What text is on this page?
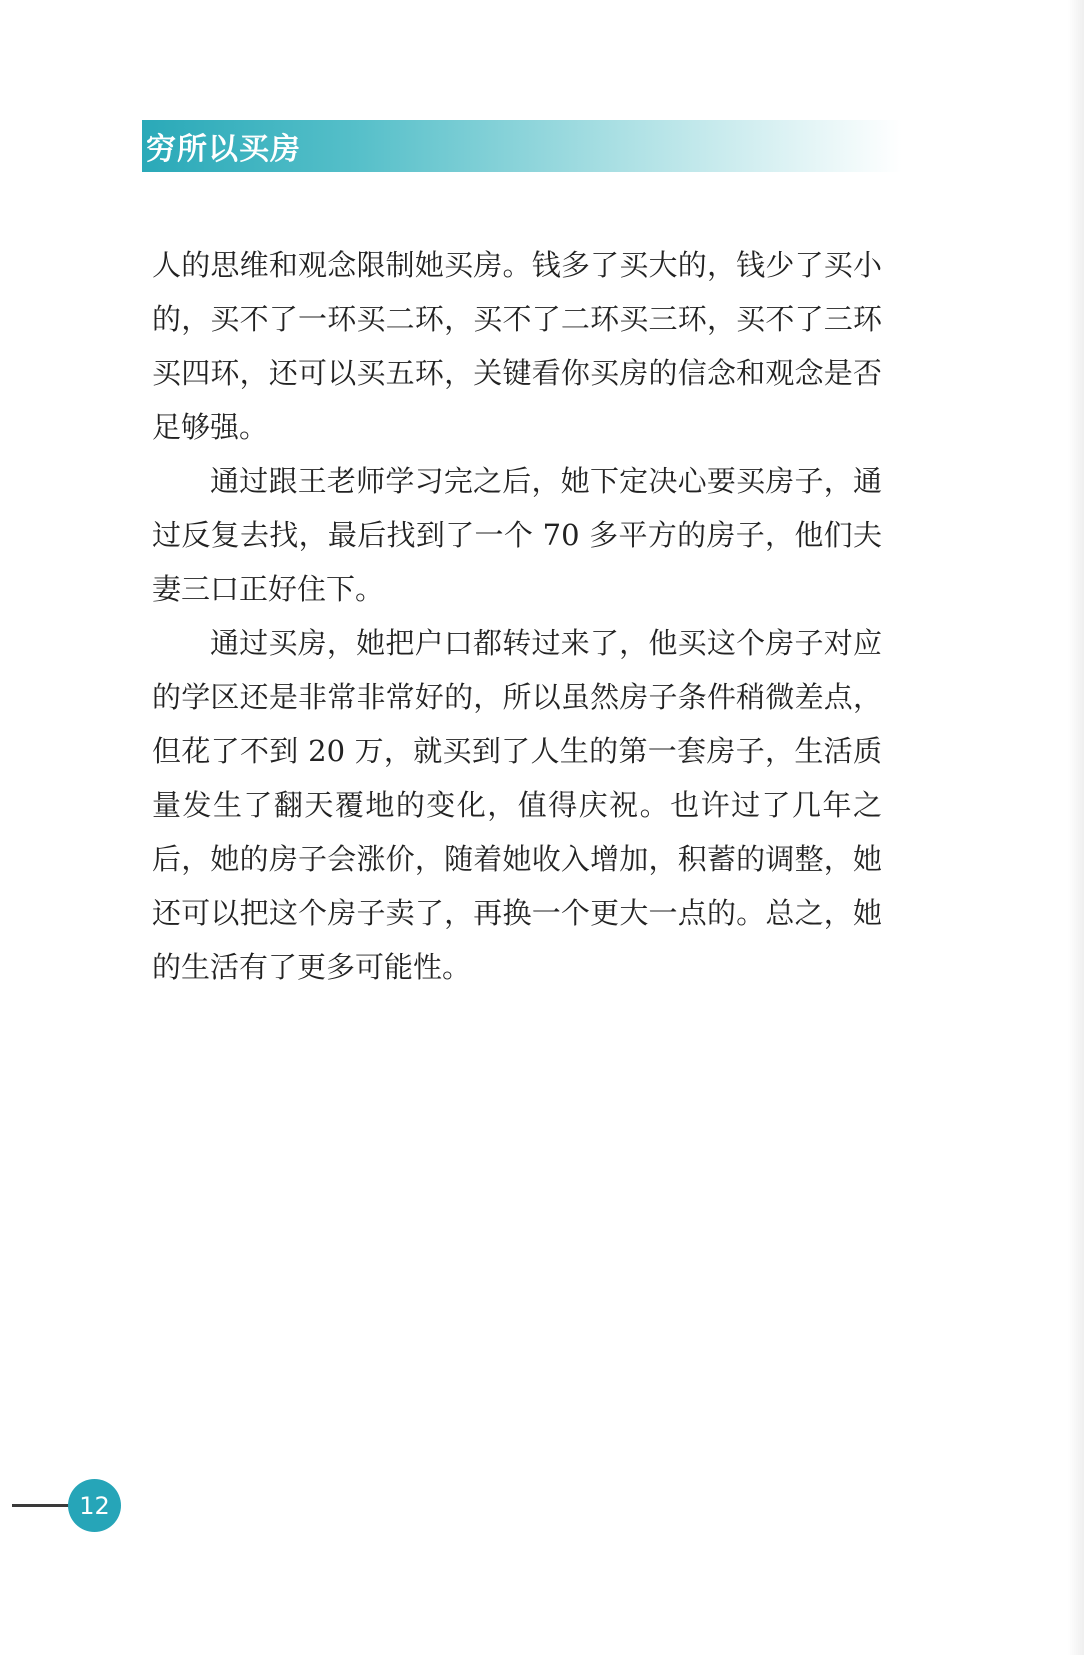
穷所以买房

人的思维和观念限制她买房。钱多了买大的，钱少了买小的，买不了一环买二环，买不了二环买三环，买不了三环买四环，还可以买五环，关键看你买房的信念和观念是否足够强。

通过跟王老师学习完之后，她下定决心要买房子，通过反复去找，最后找到了一个 70 多平方的房子，他们夫妻三口正好住下。

通过买房，她把户口都转过来了，他买这个房子对应的学区还是非常非常好的，所以虽然房子条件稍微差点，但花了不到 20 万，就买到了人生的第一套房子，生活质量发生了翻天覆地的变化，值得庆祝。也许过了几年之后，她的房子会涨价，随着她收入增加，积蓄的调整，她还可以把这个房子卖了，再换一个更大一点的。总之，她的生活有了更多可能性。

12
